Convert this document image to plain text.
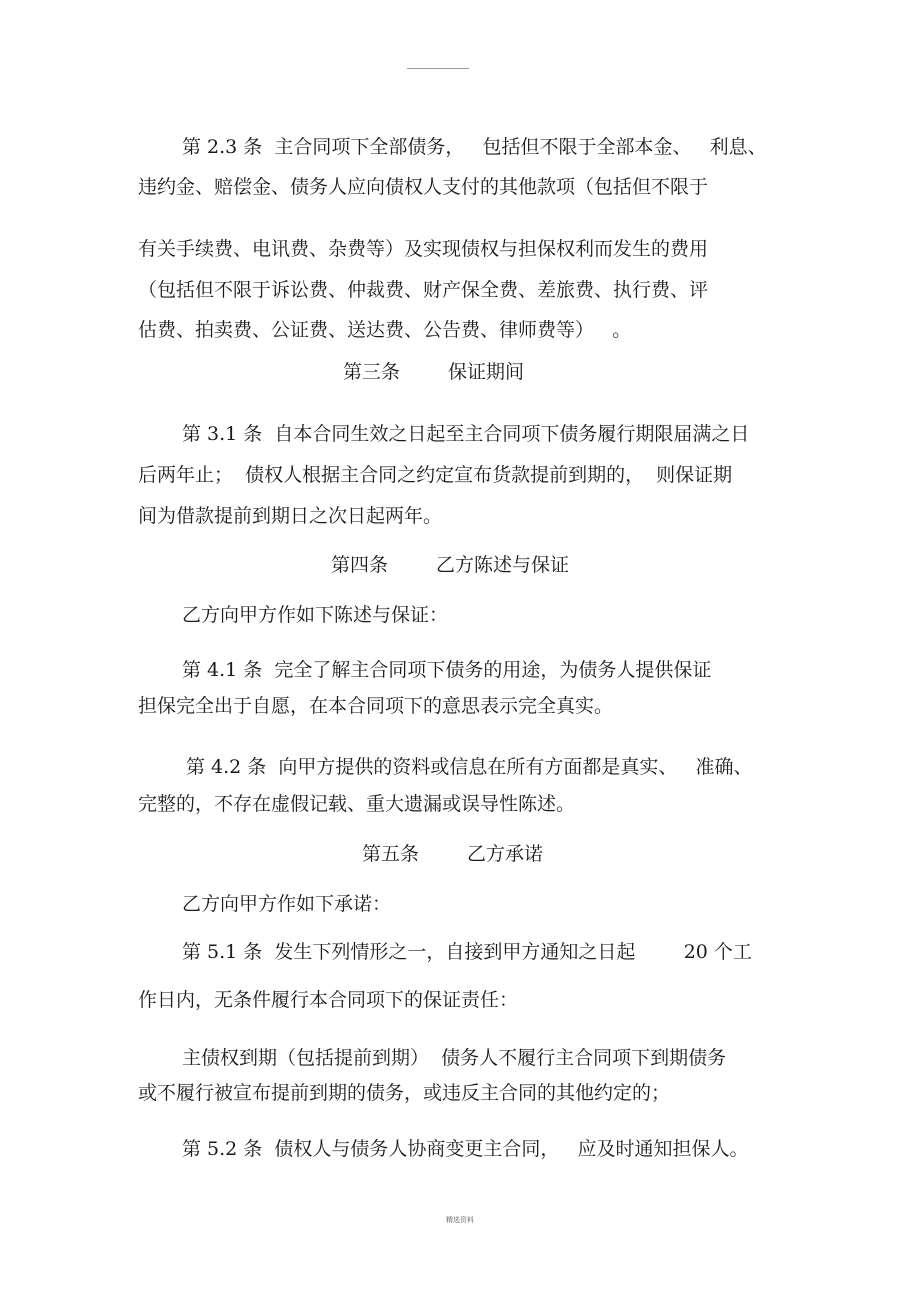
第 2.3 条  主合同项下全部债务，   包括但不限于全部本金、   利息、
违约金、赔偿金、债务人应向债权人支付的其他款项（包括但不限于
有关手续费、电讯费、杂费等）及实现债权与担保权利而发生的费用
（包括但不限于诉讼费、仲裁费、财产保全费、差旅费、执行费、评
估费、拍卖费、公证费、送达费、公告费、律师费等）   。
第三条	保证期间
第 3.1 条  自本合同生效之日起至主合同项下债务履行期限届满之日
后两年止；  债权人根据主合同之约定宣布货款提前到期的，  则保证期
间为借款提前到期日之次日起两年。
第四条	乙方陈述与保证
乙方向甲方作如下陈述与保证：
第 4.1 条  完全了解主合同项下债务的用途，为债务人提供保证
担保完全出于自愿，在本合同项下的意思表示完全真实。
第 4.2 条  向甲方提供的资料或信息在所有方面都是真实、   准确、
完整的，不存在虚假记载、重大遗漏或误导性陈述。
第五条	乙方承诺
乙方向甲方作如下承诺：
第 5.1 条  发生下列情形之一，自接到甲方通知之日起        20 个工
作日内，无条件履行本合同项下的保证责任：
主债权到期（包括提前到期）  债务人不履行主合同项下到期债务
或不履行被宣布提前到期的债务，或违反主合同的其他约定的；
第 5.2 条  债权人与债务人协商变更主合同，   应及时通知担保人。
精选资料
